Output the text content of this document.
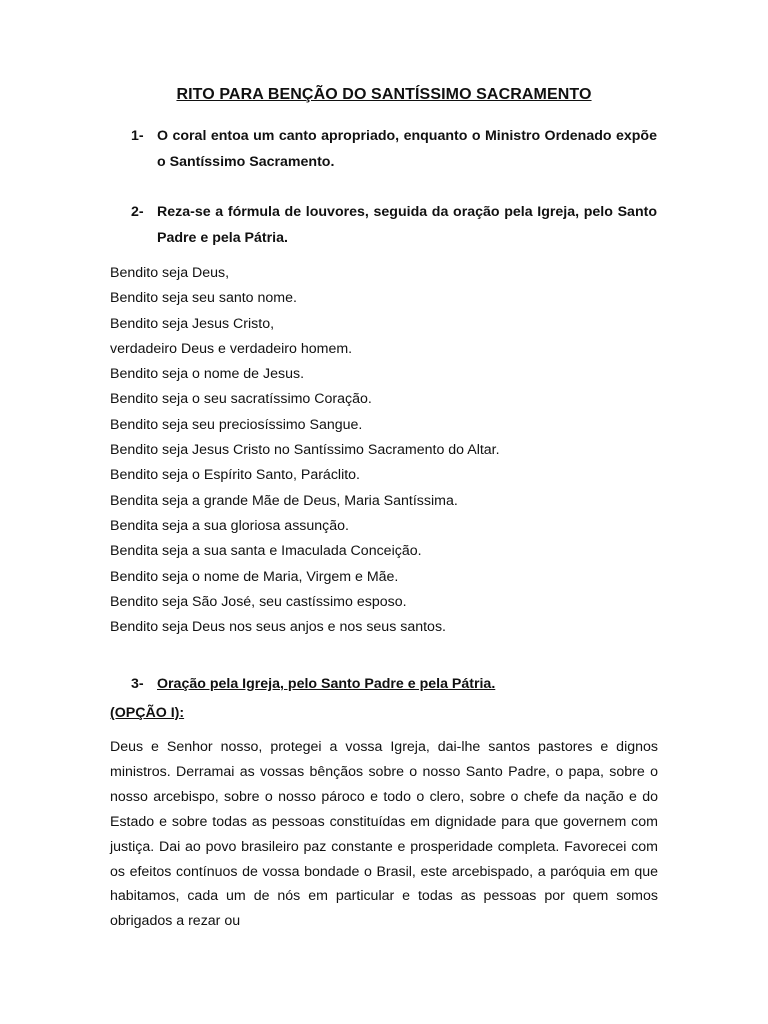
RITO PARA BENÇÃO DO SANTÍSSIMO SACRAMENTO
1- O coral entoa um canto apropriado, enquanto o Ministro Ordenado expõe o Santíssimo Sacramento.
2- Reza-se a fórmula de louvores, seguida da oração pela Igreja, pelo Santo Padre e pela Pátria.
Bendito seja Deus,
Bendito seja seu santo nome.
Bendito seja Jesus Cristo,
verdadeiro Deus e verdadeiro homem.
Bendito seja o nome de Jesus.
Bendito seja o seu sacratíssimo Coração.
Bendito seja seu preciosíssimo Sangue.
Bendito seja Jesus Cristo no Santíssimo Sacramento do Altar.
Bendito seja o Espírito Santo, Paráclito.
Bendita seja a grande Mãe de Deus, Maria Santíssima.
Bendita seja a sua gloriosa assunção.
Bendita seja a sua santa e Imaculada Conceição.
Bendito seja o nome de Maria, Virgem e Mãe.
Bendito seja São José, seu castíssimo esposo.
Bendito seja Deus nos seus anjos e nos seus santos.
3- Oração pela Igreja, pelo Santo Padre e pela Pátria.
(OPÇÃO I):
Deus e Senhor nosso, protegei a vossa Igreja, dai-lhe santos pastores e dignos ministros. Derramai as vossas bênçãos sobre o nosso Santo Padre, o papa, sobre o nosso arcebispo, sobre o nosso pároco e todo o clero, sobre o chefe da nação e do Estado e sobre todas as pessoas constituídas em dignidade para que governem com justiça. Dai ao povo brasileiro paz constante e prosperidade completa. Favorecei com os efeitos contínuos de vossa bondade o Brasil, este arcebispado, a paróquia em que habitamos, cada um de nós em particular e todas as pessoas por quem somos obrigados a rezar ou
